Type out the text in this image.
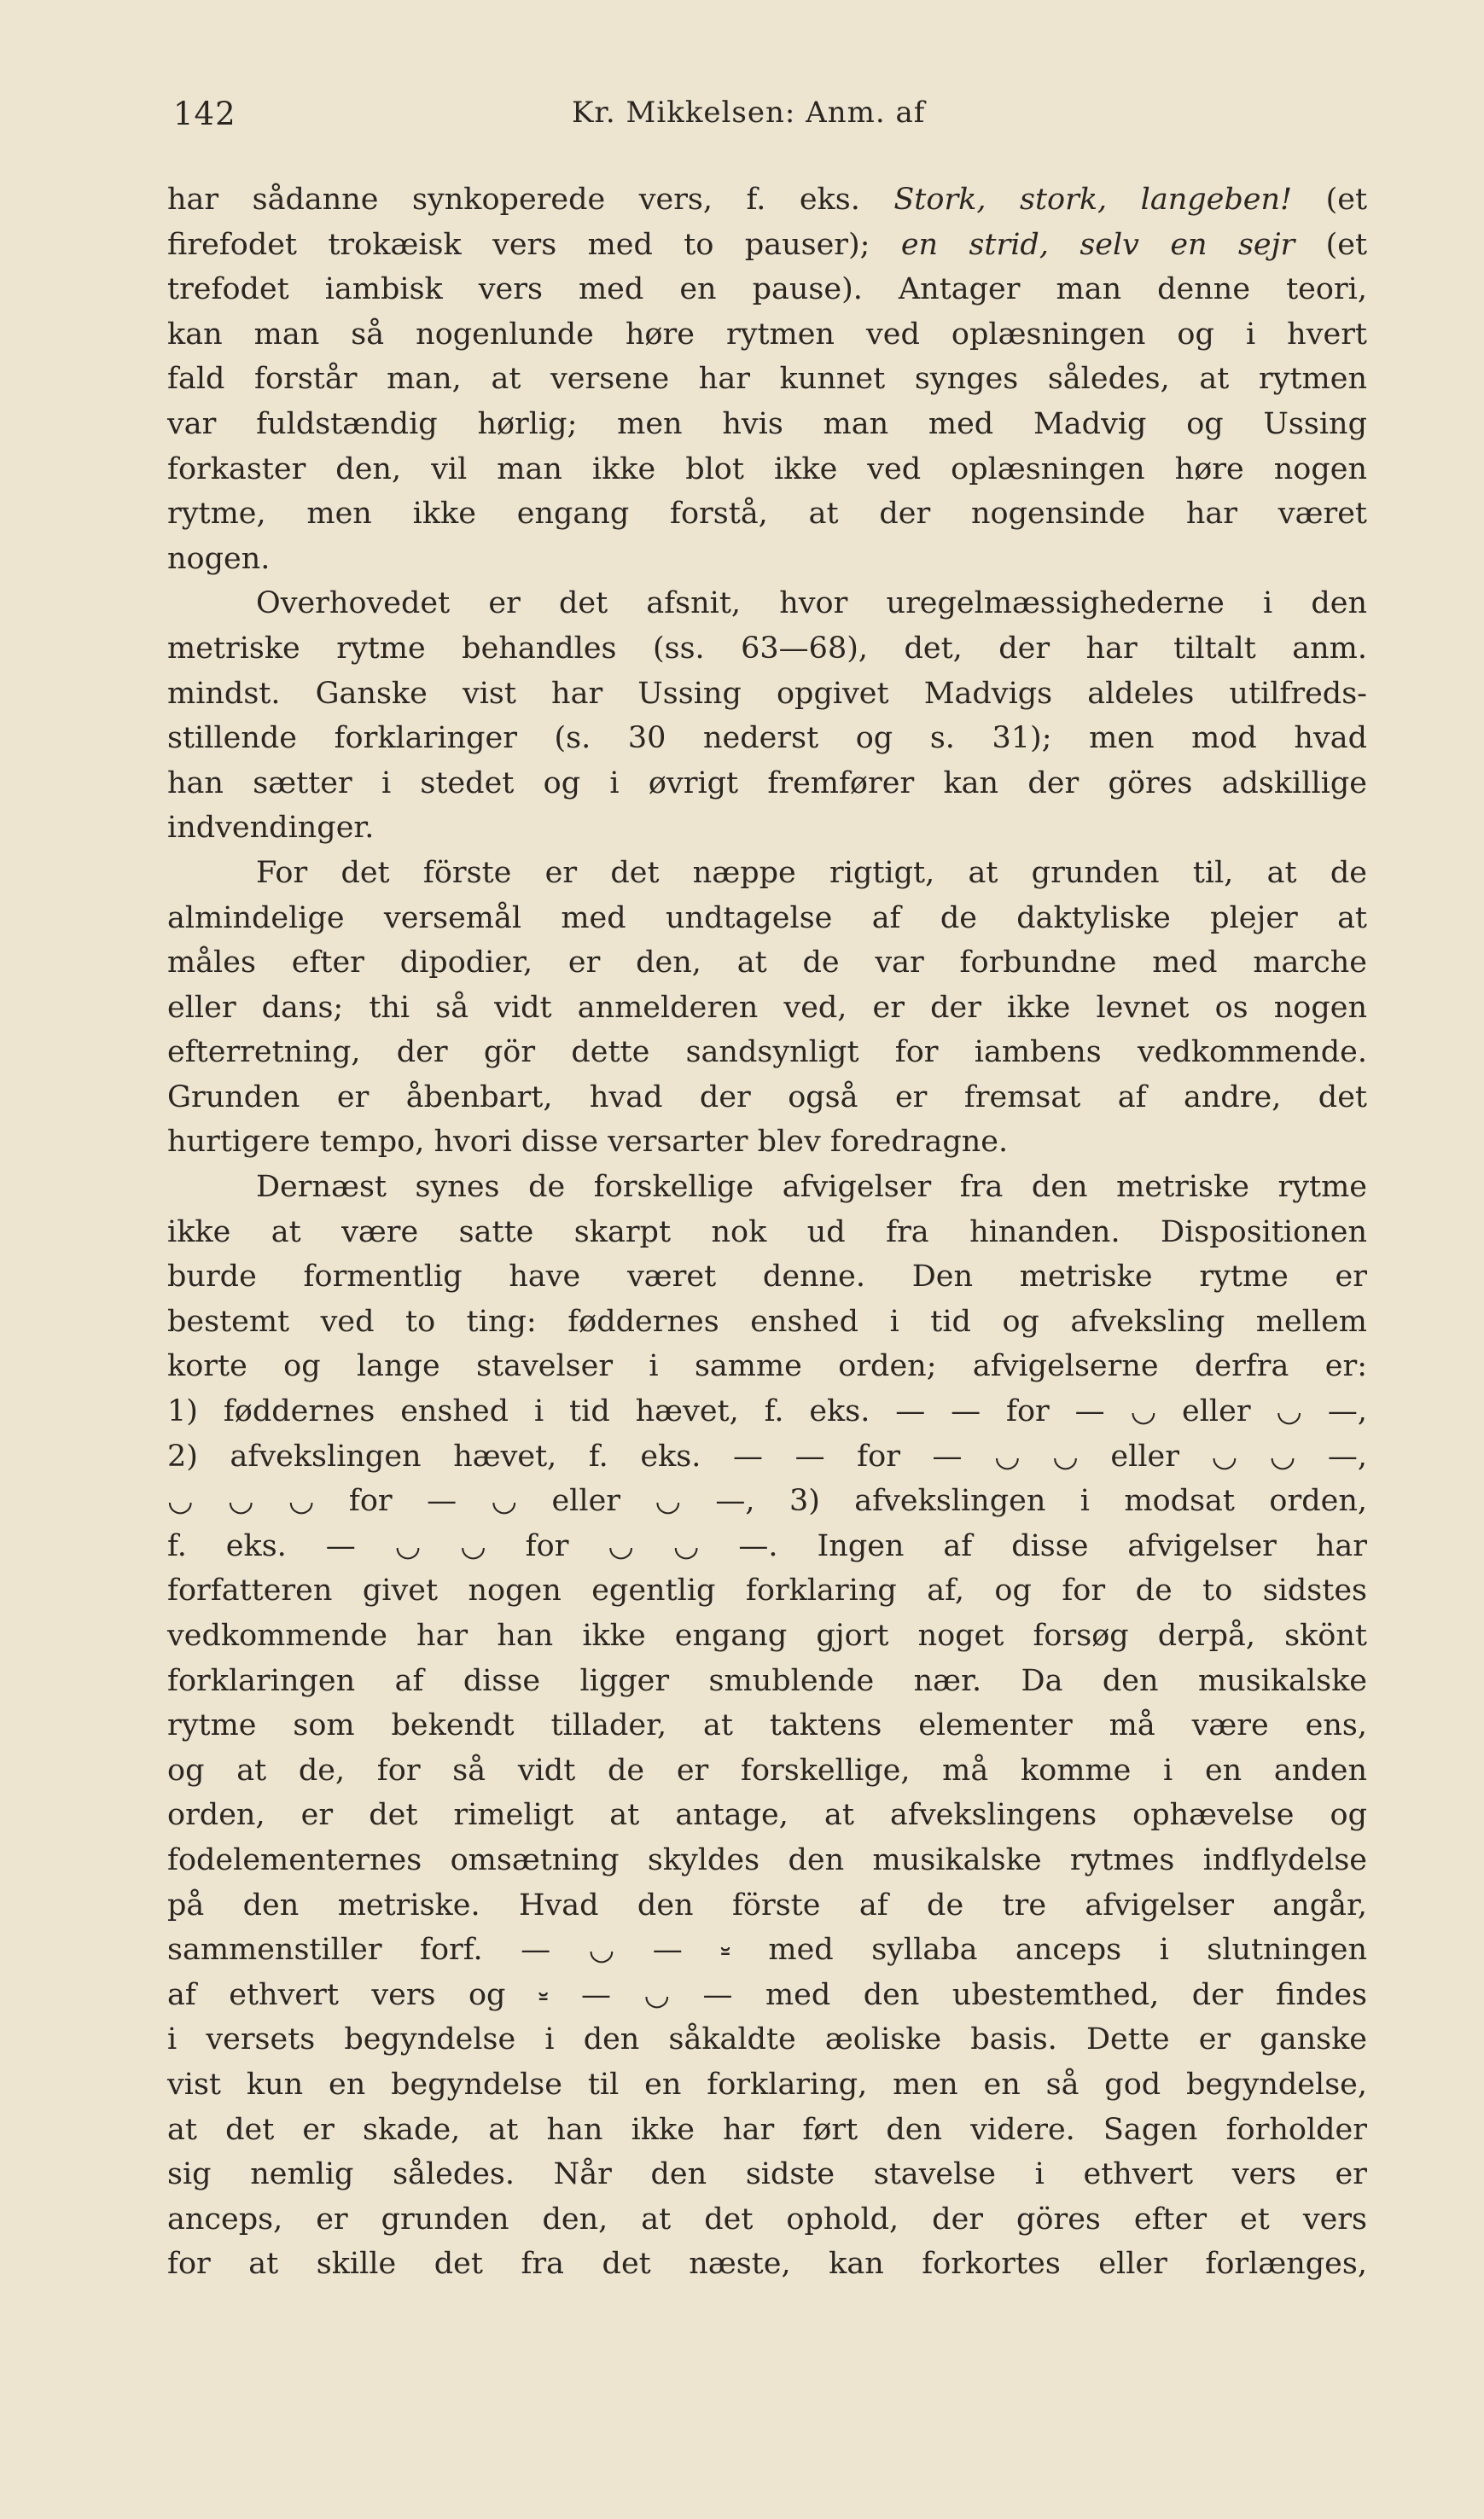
142	Kr. Mikkelsen: Anm. af
har sådanne synkoperede vers, f. eks. Stork, stork, langeben! (et
firefodet trokæisk vers med to pauser); en strid, selv en sejr (et
trefodet iambisk vers med en pause). Antager man denne teori,
kan man så nogenlunde høre rytmen ved oplæsningen og i hvert
fald forstår man, at versene har kunnet synges således, at rytmen
var fuldstændig hørlig; men hvis man med Madvig og Ussing
forkaster den, vil man ikke blot ikke ved oplæsningen høre nogen
rytme, men ikke engang forstå, at der nogensinde har været
nogen.
Overhovedet er det afsnit, hvor uregelmæssighederne i den
metriske rytme behandles (ss. 63—68), det, der har tiltalt anm.
mindst. Ganske vist har Ussing opgivet Madvigs aldeles utilfreds-
stillende forklaringer (s. 30 nederst og s. 31); men mod hvad
han sætter i stedet og i øvrigt fremfører kan der göres adskillige
indvendinger.
For det förste er det næppe rigtigt, at grunden til, at de
almindelige versemål med undtagelse af de daktyliske plejer at
måles efter dipodier, er den, at de var forbundne med marche
eller dans; thi så vidt anmelderen ved, er der ikke levnet os nogen
efterretning, der gör dette sandsynligt for iambens vedkommende.
Grunden er åbenbart, hvad der også er fremsat af andre, det
hurtigere tempo, hvori disse versarter blev foredragne.
Dernæst synes de forskellige afvigelser fra den metriske rytme
ikke at være satte skarpt nok ud fra hinanden. Dispositionen
burde formentlig have været denne. Den metriske rytme er
bestemt ved to ting: føddernes enshed i tid og afveksling mellem
korte og lange stavelser i samme orden; afvigelserne derfra er:
1) føddernes enshed i tid hævet, f. eks. — — for — ◡ eller ◡ —,
2) afvekslingen hævet, f. eks. — — for — ◡ ◡ eller ◡ ◡ —,
◡ ◡ ◡ for — ◡ eller ◡ —, 3) afvekslingen i modsat orden,
f. eks. — ◡ ◡ for ◡ ◡ —. Ingen af disse afvigelser har
forfatteren givet nogen egentlig forklaring af, og for de to sidstes
vedkommende har han ikke engang gjort noget forsøg derpå, skönt
forklaringen af disse ligger smublende nær. Da den musikalske
rytme som bekendt tillader, at taktens elementer må være ens,
og at de, for så vidt de er forskellige, må komme i en anden
orden, er det rimeligt at antage, at afvekslingens ophævelse og
fodelementernes omsætning skyldes den musikalske rytmes indflydelse
på den metriske. Hvad den förste af de tre afvigelser angår,
sammenstiller forf. — ◡ — ⏓ med syllaba anceps i slutningen
af ethvert vers og ⏓ — ◡ — med den ubestemthed, der findes
i versets begyndelse i den såkaldte æoliske basis. Dette er ganske
vist kun en begyndelse til en forklaring, men en så god begyndelse,
at det er skade, at han ikke har ført den videre. Sagen forholder
sig nemlig således. Når den sidste stavelse i ethvert vers er
anceps, er grunden den, at det ophold, der göres efter et vers
for at skille det fra det næste, kan forkortes eller forlænges,
